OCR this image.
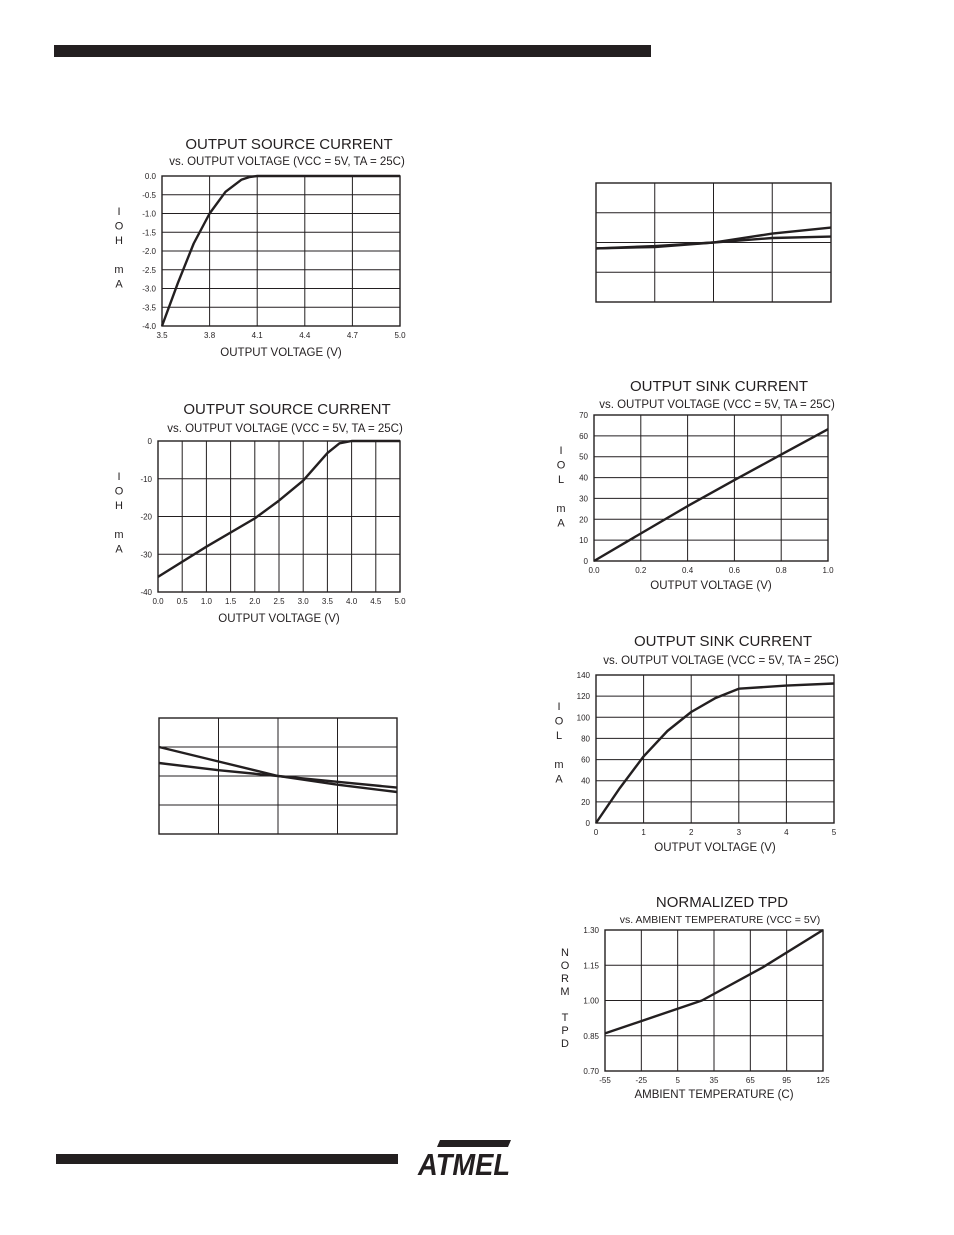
ATMEL
OUTPUT SOURCE CURRENT
vs. OUTPUT VOLTAGE (VCC = 5V, TA = 25C)
0.0
-0.5
-1.0
-1.5
-2.0
-2.5
-3.0
-3.5
-4.0
3.5	3.8	4.1	4.4	4.7	5.0
OUTPUT VOLTAGE (V)
I
O
H
m
A
OUTPUT SOURCE CURRENT
vs. OUTPUT VOLTAGE (VCC = 5V, TA = 25C)
0
-10
-20
-30
-40
0.0 0.5 1.0 1.5 2.0 2.5 3.0 3.5 4.0 4.5 5.0
OUTPUT VOLTAGE (V)
I
O
H
m
A
OUTPUT SINK CURRENT
vs. OUTPUT VOLTAGE (VCC = 5V, TA = 25C)
70
60
50
40
30
20
10
0
0.0	0.2	0.4	0.6	0.8	1.0
OUTPUT VOLTAGE (V)
I
O
L
m
A
OUTPUT SINK CURRENT
vs. OUTPUT VOLTAGE (VCC = 5V, TA = 25C)
140
120
100
80
60
40
20
0
0	1	2	3	4	5
OUTPUT VOLTAGE (V)
I
O
L
m
A
NORMALIZED TPD
vs. AMBIENT TEMPERATURE (VCC = 5V)
1.30
1.15
1.00
0.85
0.70
-55	-25	5	35	65	95	125
AMBIENT TEMPERATURE (C)
N
O
R
M
T
P
D
